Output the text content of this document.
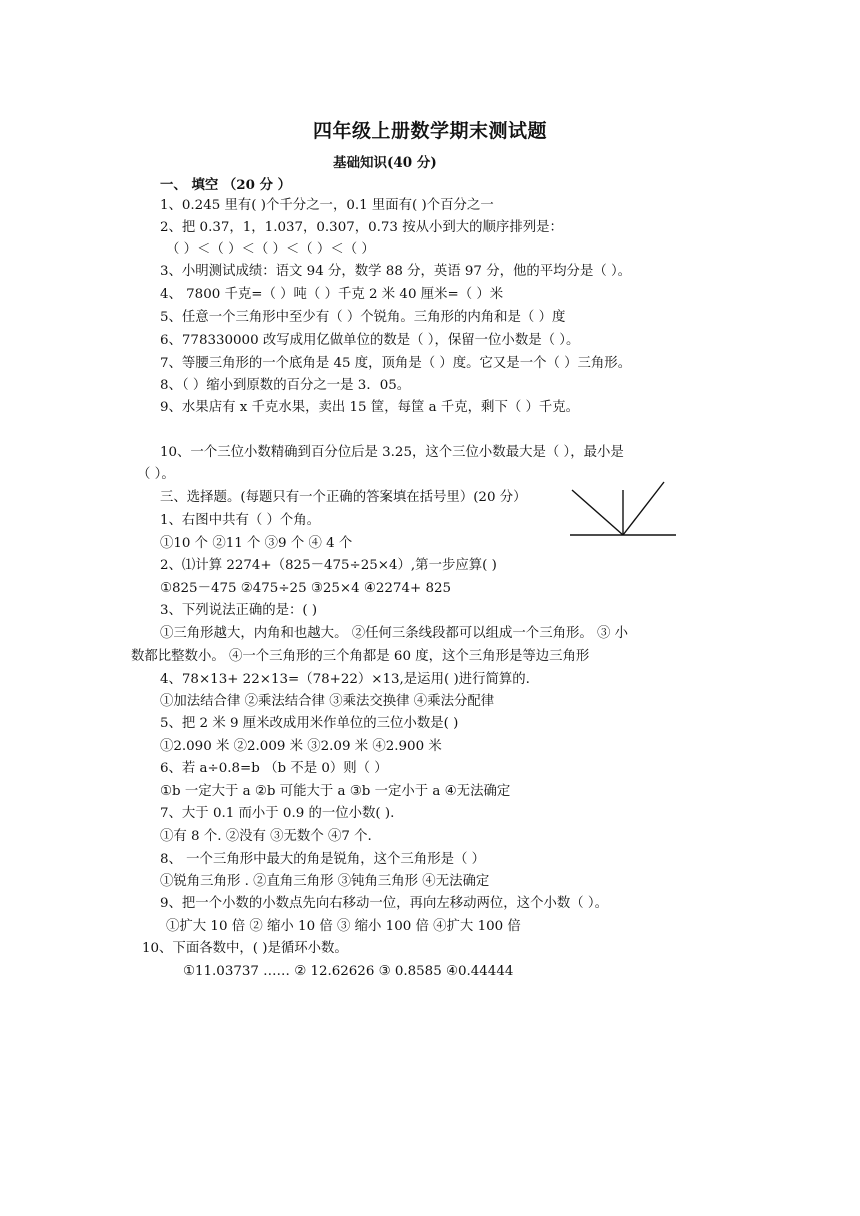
四年级上册数学期末测试题
基础知识(40 分)
一、 填空 （20 分 ）
1、0.245 里有( )个千分之一，0.1 里面有( )个百分之一
2、把 0.37，1，1.037，0.307，0.73 按从小到大的顺序排列是：
（ ）＜（ ）＜（ ）＜（ ）＜（ ）
3、小明测试成绩：语文 94 分，数学 88 分，英语 97 分，他的平均分是（ ）。
4、 7800 千克=（ ）吨（ ）千克 2 米 40 厘米=（ ）米
5、任意一个三角形中至少有（ ）个锐角。三角形的内角和是（ ）度
6、778330000 改写成用亿做单位的数是（ ），保留一位小数是（ ）。
7、等腰三角形的一个底角是 45 度，顶角是（ ）度。它又是一个（ ）三角形。
8、（ ）缩小到原数的百分之一是 3．05。
9、水果店有 x 千克水果，卖出 15 筐，每筐 a 千克，剩下（ ）千克。
10、一个三位小数精确到百分位后是 3.25，这个三位小数最大是（ ），最小是
（ ）。
三、选择题。(每题只有一个正确的答案填在括号里）(20 分）
1、右图中共有（ ）个角。
①10 个 ②11 个 ③9 个 ④ 4 个
2、⑴计算 2274+（825－475÷25×4）,第一步应算( )
①825－475 ②475÷25 ③25×4 ④2274+ 825
3、下列说法正确的是：( )
①三角形越大，内角和也越大。 ②任何三条线段都可以组成一个三角形。 ③ 小
数都比整数小。 ④一个三角形的三个角都是 60 度，这个三角形是等边三角形
4、78×13+ 22×13=（78+22）×13,是运用( )进行简算的.
①加法结合律 ②乘法结合律 ③乘法交换律 ④乘法分配律
5、把 2 米 9 厘米改成用米作单位的三位小数是( )
①2.090 米 ②2.009 米 ③2.09 米 ④2.900 米
6、若 a÷0.8=b （b 不是 0）则（ ）
①b 一定大于 a ②b 可能大于 a ③b 一定小于 a ④无法确定
7、大于 0.1 而小于 0.9 的一位小数( ).
①有 8 个. ②没有 ③无数个 ④7 个.
8、 一个三角形中最大的角是锐角，这个三角形是（ ）
①锐角三角形 . ②直角三角形 ③钝角三角形 ④无法确定
9、把一个小数的小数点先向右移动一位，再向左移动两位，这个小数（ ）。
①扩大 10 倍 ② 缩小 10 倍 ③ 缩小 100 倍 ④扩大 100 倍
10、下面各数中，( )是循环小数。
①11.03737 …… ② 12.62626 ③ 0.8585 ④0.44444
